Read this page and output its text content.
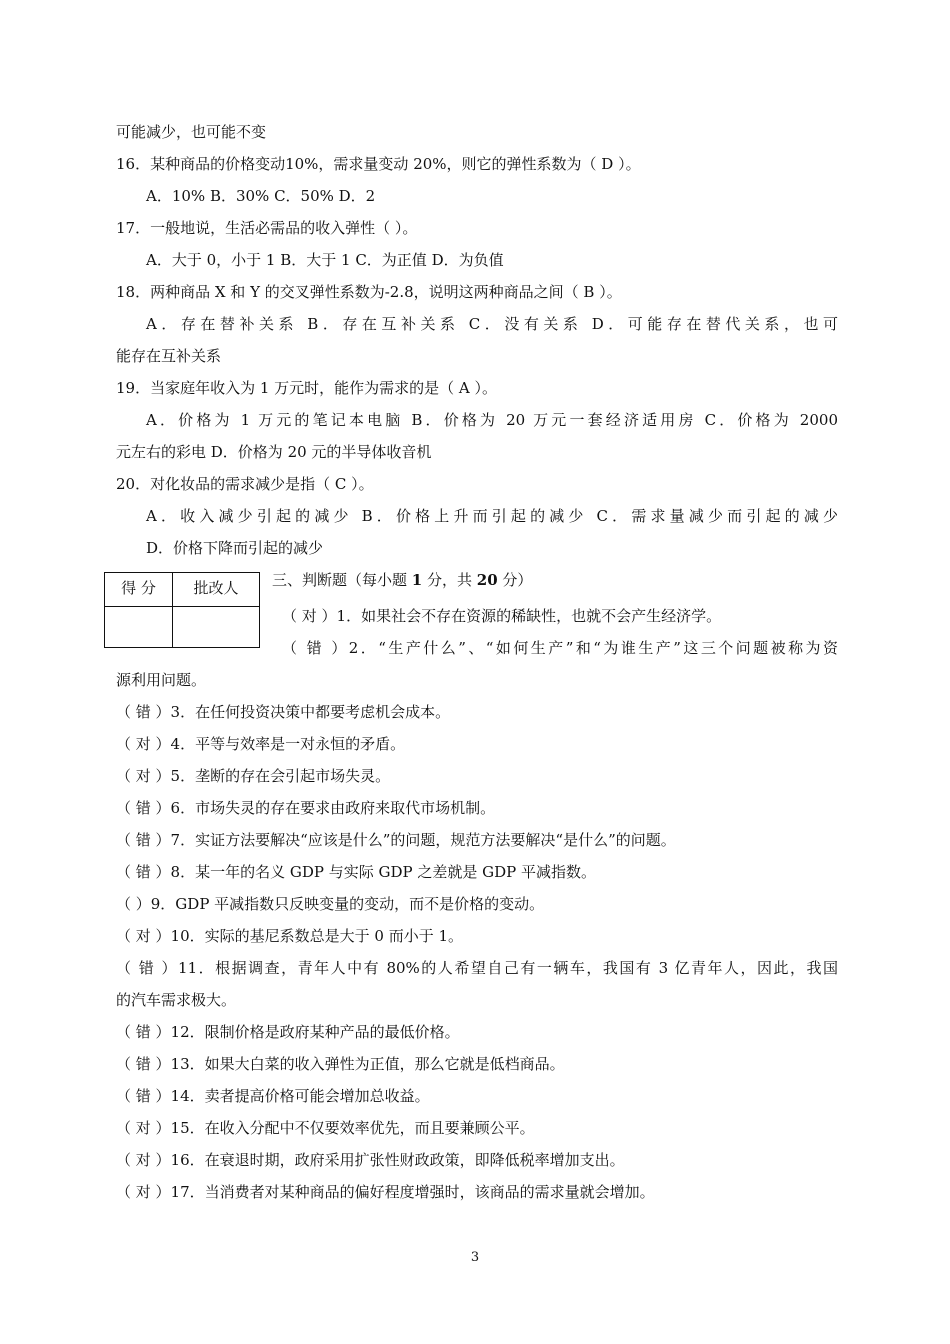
可能减少，也可能不变
16．某种商品的价格变动10%，需求量变动 20%，则它的弹性系数为（ D ）。
A．10% B．30% C．50% D．2
17．一般地说，生活必需品的收入弹性（ ）。
A．大于 0，小于 1 B．大于 1 C．为正值 D．为负值
18．两种商品 X 和 Y 的交叉弹性系数为-2.8，说明这两种商品之间（ B ）。
A．存在替补关系 B．存在互补关系 C．没有关系 D．可能存在替代关系，也可
能存在互补关系
19．当家庭年收入为 1 万元时，能作为需求的是（ A ）。
A．价格为 1 万元的笔记本电脑 B．价格为 20 万元一套经济适用房 C．价格为 2000
元左右的彩电 D．价格为 20 元的半导体收音机
20．对化妆品的需求减少是指（ C ）。
A．收入减少引起的减少 B．价格上升而引起的减少 C．需求量减少而引起的减少
D．价格下降而引起的减少
得 分	批改人	三、判断题（每小题 1 分，共 20 分）
（ 对 ）1．如果社会不存在资源的稀缺性，也就不会产生经济学。
（ 错 ）2．“生产什么”、“如何生产”和“为谁生产”这三个问题被称为资
源利用问题。
（ 错 ）3．在任何投资决策中都要考虑机会成本。
（ 对 ）4．平等与效率是一对永恒的矛盾。
（ 对 ）5．垄断的存在会引起市场失灵。
（ 错 ）6．市场失灵的存在要求由政府来取代市场机制。
（ 错 ）7．实证方法要解决“应该是什么”的问题，规范方法要解决“是什么”的问题。
（ 错 ）8．某一年的名义 GDP 与实际 GDP 之差就是 GDP 平减指数。
（ ）9．GDP 平减指数只反映变量的变动，而不是价格的变动。
（ 对 ）10．实际的基尼系数总是大于 0 而小于 1。
（ 错 ）11．根据调查，青年人中有 80%的人希望自己有一辆车，我国有 3 亿青年人，因此，我国
的汽车需求极大。
（ 错 ）12．限制价格是政府某种产品的最低价格。
（ 错 ）13．如果大白菜的收入弹性为正值，那么它就是低档商品。
（ 错 ）14．卖者提高价格可能会增加总收益。
（ 对 ）15．在收入分配中不仅要效率优先，而且要兼顾公平。
（ 对 ）16．在衰退时期，政府采用扩张性财政政策，即降低税率增加支出。
（ 对 ）17．当消费者对某种商品的偏好程度增强时，该商品的需求量就会增加。
3
